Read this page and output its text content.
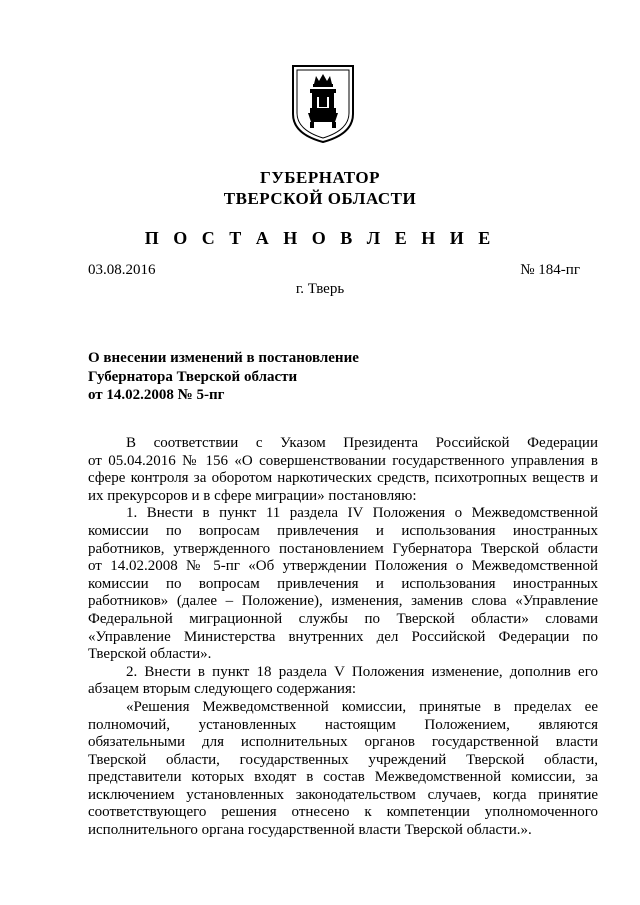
ГУБЕРНАТОР
ТВЕРСКОЙ ОБЛАСТИ
П О С Т А Н О В Л Е Н И Е
03.08.2016	№ 184-пг
г. Тверь
О внесении изменений в постановление
Губернатора Тверской области
от 14.02.2008 № 5-пг
В соответствии с Указом Президента Российской Федерации
от 05.04.2016 № 156 «О совершенствовании государственного управления в
сфере контроля за оборотом наркотических средств, психотропных веществ и
их прекурсоров и в сфере миграции» постановляю:
1. Внести в пункт 11 раздела IV Положения о Межведомственной
комиссии по вопросам привлечения и использования иностранных
работников, утвержденного постановлением Губернатора Тверской области
от 14.02.2008 № 5-пг «Об утверждении Положения о Межведомственной
комиссии по вопросам привлечения и использования иностранных
работников» (далее – Положение), изменения, заменив слова «Управление
Федеральной миграционной службы по Тверской области» словами
«Управление Министерства внутренних дел Российской Федерации по
Тверской области».
2. Внести в пункт 18 раздела V Положения изменение, дополнив его
абзацем вторым следующего содержания:
«Решения Межведомственной комиссии, принятые в пределах ее
полномочий, установленных настоящим Положением, являются
обязательными для исполнительных органов государственной власти
Тверской области, государственных учреждений Тверской области,
представители которых входят в состав Межведомственной комиссии, за
исключением установленных законодательством случаев, когда принятие
соответствующего решения отнесено к компетенции уполномоченного
исполнительного органа государственной власти Тверской области.».
